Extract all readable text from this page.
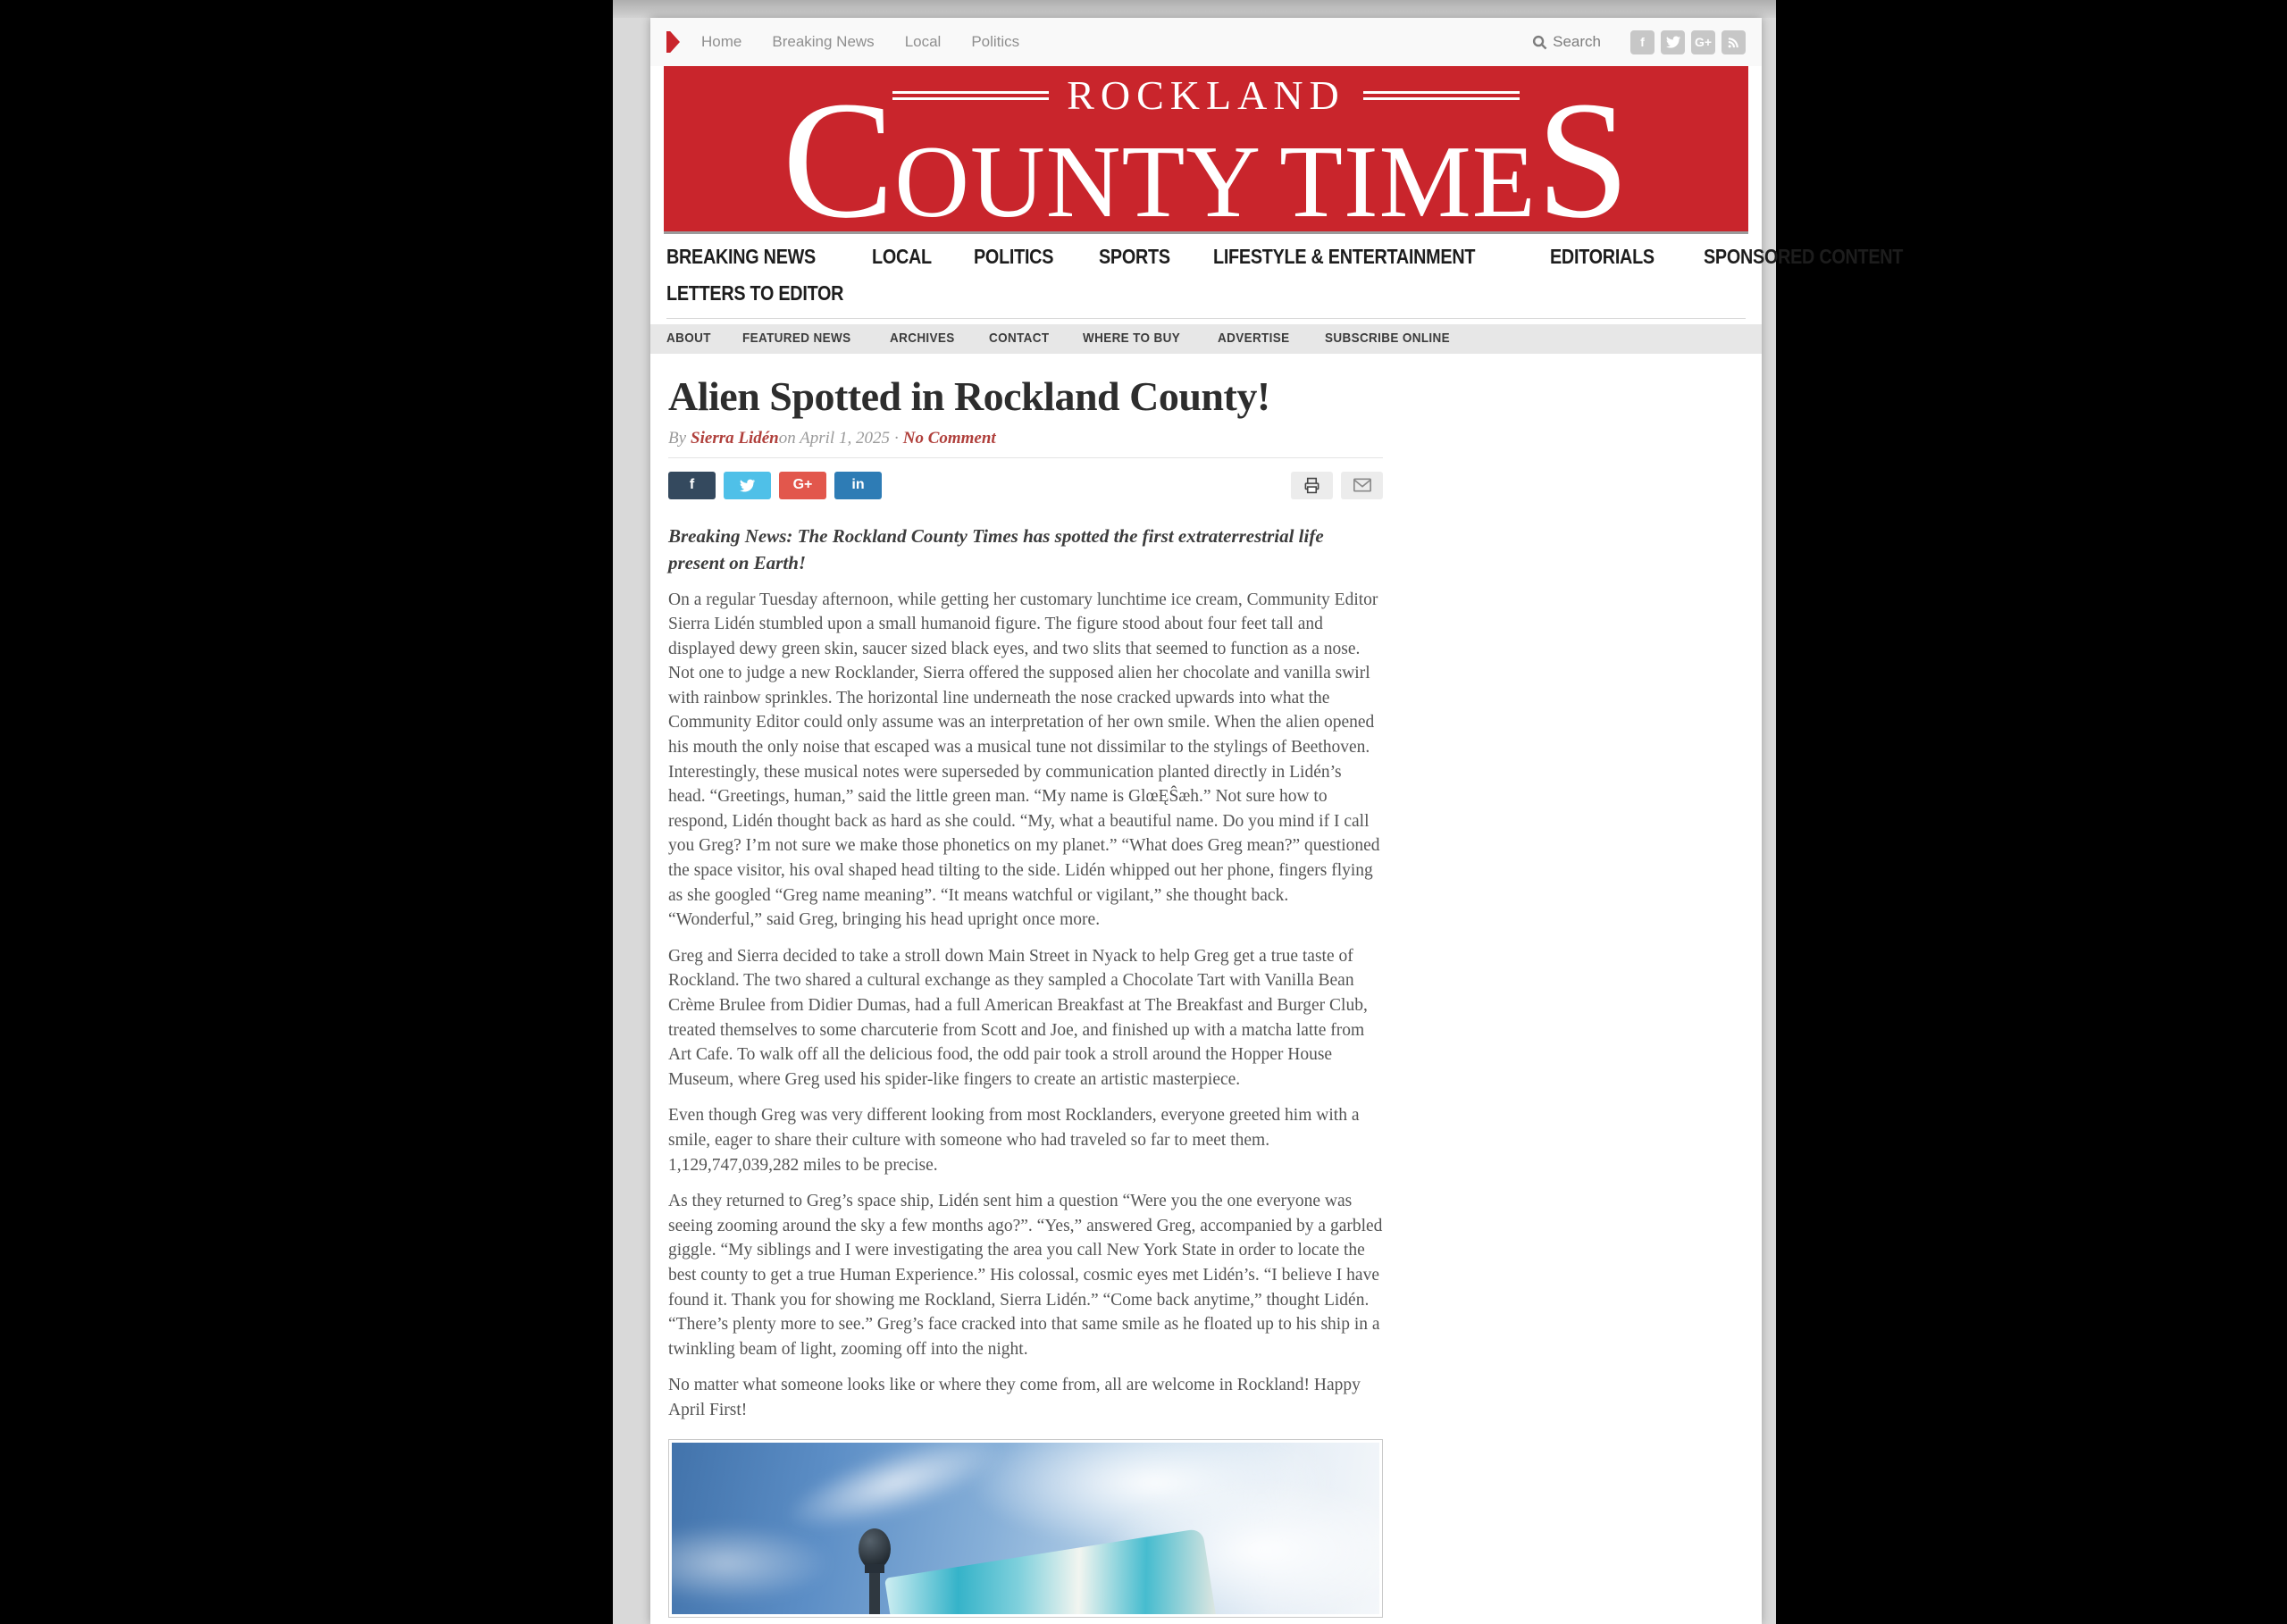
Home Breaking News Local Politics	Search	f	G+
ROCKLAND
C OUNTY TIME S
BREAKING NEWS	LOCAL POLITICS SPORTS LIFESTYLE & ENTERTAINMENT	EDITORIALS SPONSORED CONTENT
LETTERS TO EDITOR
ABOUT FEATURED NEWS	ARCHIVES	CONTACT	WHERE TO BUY	ADVERTISE	SUBSCRIBE ONLINE
Alien Spotted in Rockland County!
By Sierra Lidénon April 1, 2025 · No Comment
f	G+	in

Breaking News: The Rockland County Times has spotted the first extraterrestrial life present on Earth!

On a regular Tuesday afternoon, while getting her customary lunchtime ice cream, Community Editor Sierra Lidén stumbled upon a small humanoid figure. The figure stood about four feet tall and displayed dewy green skin, saucer sized black eyes, and two slits that seemed to function as a nose. Not one to judge a new Rocklander, Sierra offered the supposed alien her chocolate and vanilla swirl with rainbow sprinkles. The horizontal line underneath the nose cracked upwards into what the Community Editor could only assume was an interpretation of her own smile. When the alien opened his mouth the only noise that escaped was a musical tune not dissimilar to the stylings of Beethoven. Interestingly, these musical notes were superseded by communication planted directly in Lidén’s head. “Greetings, human,” said the little green man. “My name is GlœĘŜæh.” Not sure how to respond, Lidén thought back as hard as she could. “My, what a beautiful name. Do you mind if I call you Greg? I’m not sure we make those phonetics on my planet.” “What does Greg mean?” questioned the space visitor, his oval shaped head tilting to the side. Lidén whipped out her phone, fingers flying as she googled “Greg name meaning”. “It means watchful or vigilant,” she thought back. “Wonderful,” said Greg, bringing his head upright once more.

Greg and Sierra decided to take a stroll down Main Street in Nyack to help Greg get a true taste of Rockland. The two shared a cultural exchange as they sampled a Chocolate Tart with Vanilla Bean Crème Brulee from Didier Dumas, had a full American Breakfast at The Breakfast and Burger Club, treated themselves to some charcuterie from Scott and Joe, and finished up with a matcha latte from Art Cafe. To walk off all the delicious food, the odd pair took a stroll around the Hopper House Museum, where Greg used his spider-like fingers to create an artistic masterpiece.

Even though Greg was very different looking from most Rocklanders, everyone greeted him with a smile, eager to share their culture with someone who had traveled so far to meet them. 1,129,747,039,282 miles to be precise.

As they returned to Greg’s space ship, Lidén sent him a question “Were you the one everyone was seeing zooming around the sky a few months ago?”. “Yes,” answered Greg, accompanied by a garbled giggle. “My siblings and I were investigating the area you call New York State in order to locate the best county to get a true Human Experience.” His colossal, cosmic eyes met Lidén’s. “I believe I have found it. Thank you for showing me Rockland, Sierra Lidén.” “Come back anytime,” thought Lidén. “There’s plenty more to see.” Greg’s face cracked into that same smile as he floated up to his ship in a twinkling beam of light, zooming off into the night.

No matter what someone looks like or where they come from, all are welcome in Rockland! Happy April First!
